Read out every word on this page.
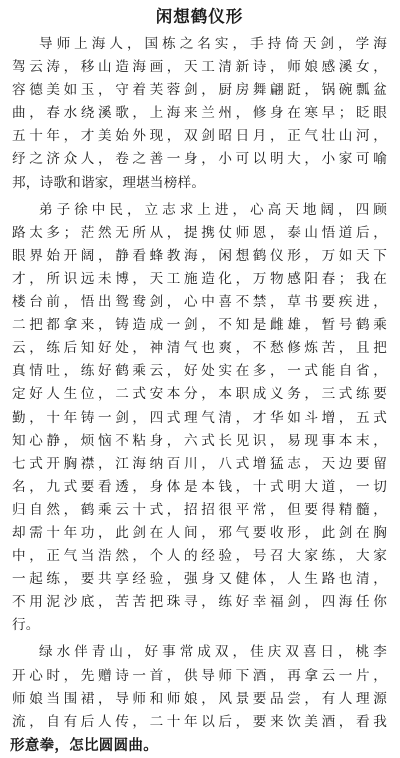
闲想鹤仪形
导师上海人，国栋之名实，手持倚天剑，学海
驾云涛，移山造海画，天工清新诗，师娘感溪女，
容德美如玉，守着芙蓉剑，厨房舞翩跹，锅碗瓢盆
曲，春水绕溪歌，上海来兰州，修身在寒早；眨眼
五十年，才美始外现，双剑昭日月，正气壮山河，
纾之济众人，卷之善一身，小可以明大，小家可喻
邦，诗歌和谐家，理堪当榜样。
弟子徐中民，立志求上进，心高天地阔，四顾
路太多；茫然无所从，提携仗师恩，泰山悟道后，
眼界始开阔，静看蜂教海，闲想鹤仪形，万如天下
才，所识远未博，天工施造化，万物感阳春；我在
楼台前，悟出鸳鸯剑，心中喜不禁，草书要疾进，
二把都拿来，铸造成一剑，不知是雌雄，暂号鹤乘
云，练后知好处，神清气也爽，不愁修炼苦，且把
真情吐，练好鹤乘云，好处实在多，一式能自省，
定好人生位，二式安本分，本职成义务，三式练要
勤，十年铸一剑，四式理气清，才华如斗增，五式
知心静，烦恼不粘身，六式长见识，易现事本末，
七式开胸襟，江海纳百川，八式增猛志，天边要留
名，九式要看透，身体是本钱，十式明大道，一切
归自然，鹤乘云十式，招招很平常，但要得精髓，
却需十年功，此剑在人间，邪气要收形，此剑在胸
中，正气当浩然，个人的经验，号召大家练，大家
一起练，要共享经验，强身又健体，人生路也清，
不用泥沙底，苦苦把珠寻，练好幸福剑，四海任你
行。
绿水伴青山，好事常成双，佳庆双喜日，桃李
开心时，先赠诗一首，供导师下酒，再拿云一片，
师娘当围裙，导师和师娘，风景要品尝，有人理源
流，自有后人传，二十年以后，要来饮美酒，看我
形意拳，怎比圆圆曲。
